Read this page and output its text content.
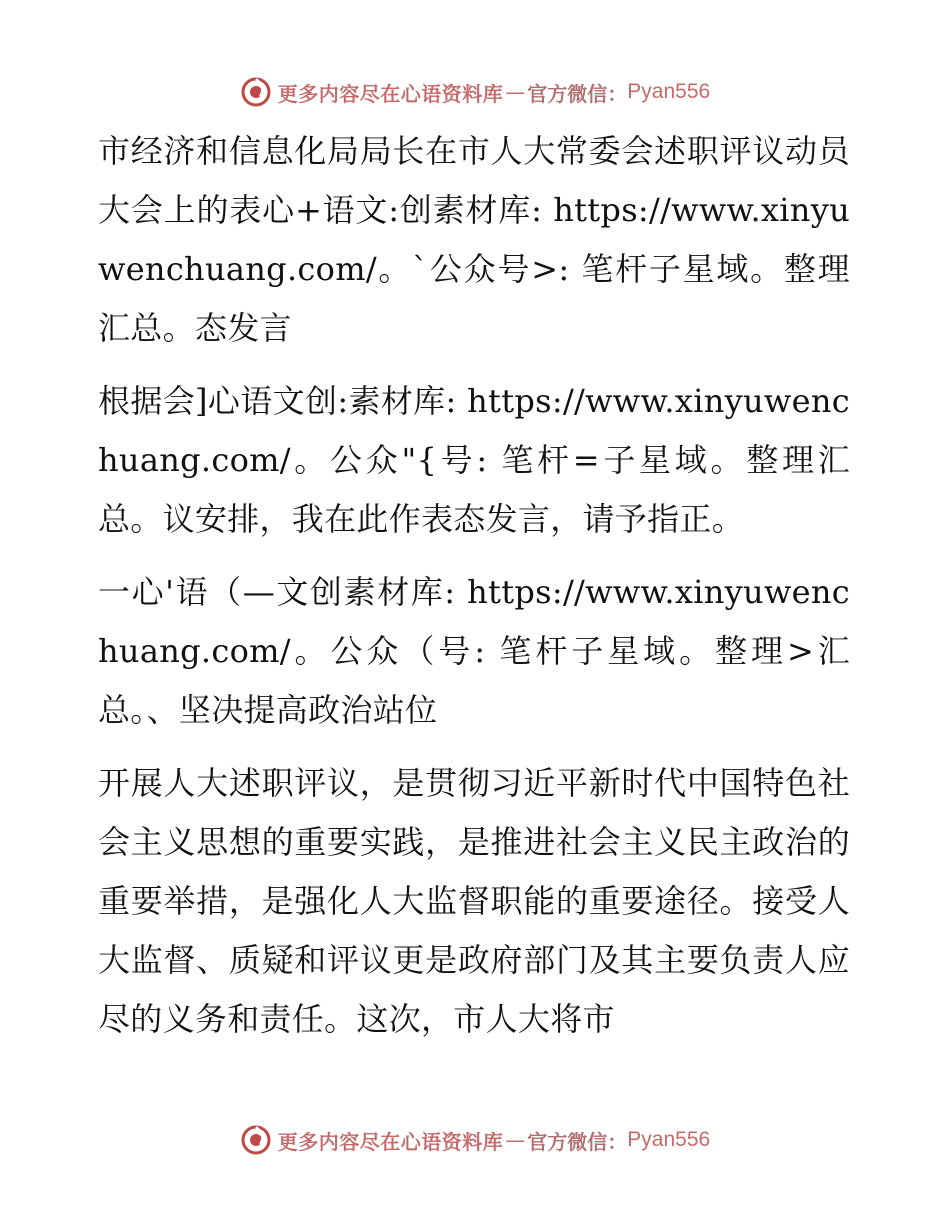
更多内容尽在心语资料库 — 官方微信： Pyan556

市经济和信息化局局长在市人大常委会述职评议动员大会上的表心+语文:创素材库: https://www.xinyuwenchuang.com/。`公众号>: 笔杆子星域。整理汇总。态发言

根据会]心语文创:素材库: https://www.xinyuwenchuang.com/。公众"{号: 笔杆=子星域。整理汇总。议安排，我在此作表态发言，请予指正。

一心'语（—文创素材库: https://www.xinyuwenchuang.com/。公众（号: 笔杆子星域。整理>汇总。、坚决提高政治站位

开展人大述职评议，是贯彻习近平新时代中国特色社会主义思想的重要实践，是推进社会主义民主政治的重要举措，是强化人大监督职能的重要途径。接受人大监督、质疑和评议更是政府部门及其主要负责人应尽的义务和责任。这次，市人大将市

更多内容尽在心语资料库 — 官方微信： Pyan556
